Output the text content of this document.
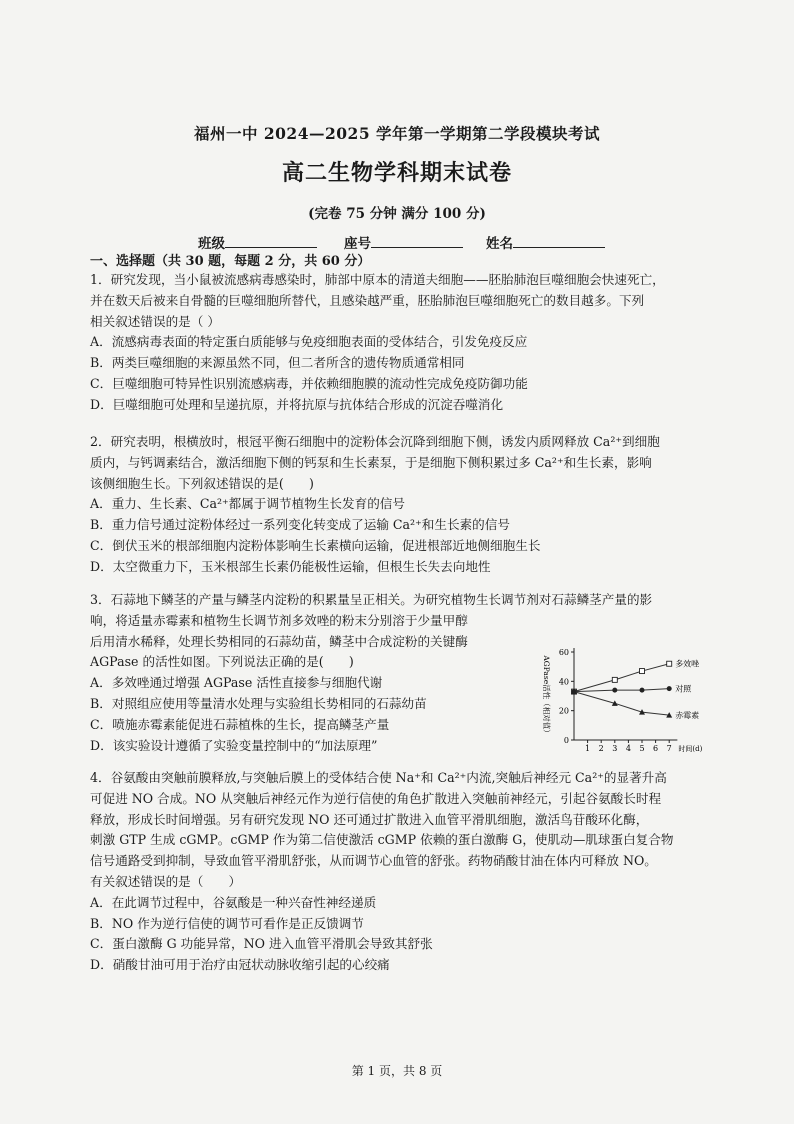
福州一中 2024—2025 学年第一学期第二学段模块考试
高二生物学科期末试卷
(完卷 75 分钟 满分 100 分)
班级	座号	姓名
一、选择题（共 30 题，每题 2 分，共 60 分）
1．研究发现，当小鼠被流感病毒感染时，肺部中原本的清道夫细胞——胚胎肺泡巨噬细胞会快速死亡，
并在数天后被来自骨髓的巨噬细胞所替代，且感染越严重，胚胎肺泡巨噬细胞死亡的数目越多。下列
相关叙述错误的是（ ）
A．流感病毒表面的特定蛋白质能够与免疫细胞表面的受体结合，引发免疫反应
B．两类巨噬细胞的来源虽然不同，但二者所含的遗传物质通常相同
C．巨噬细胞可特异性识别流感病毒，并依赖细胞膜的流动性完成免疫防御功能
D．巨噬细胞可处理和呈递抗原，并将抗原与抗体结合形成的沉淀吞噬消化
2．研究表明，根横放时，根冠平衡石细胞中的淀粉体会沉降到细胞下侧，诱发内质网释放 Ca²⁺到细胞
质内，与钙调素结合，激活细胞下侧的钙泵和生长素泵，于是细胞下侧积累过多 Ca²⁺和生长素，影响
该侧细胞生长。下列叙述错误的是(　　)
A．重力、生长素、Ca²⁺都属于调节植物生长发育的信号
B．重力信号通过淀粉体经过一系列变化转变成了运输 Ca²⁺和生长素的信号
C．倒伏玉米的根部细胞内淀粉体影响生长素横向运输，促进根部近地侧细胞生长
D．太空微重力下，玉米根部生长素仍能极性运输，但根生长失去向地性
3．石蒜地下鳞茎的产量与鳞茎内淀粉的积累量呈正相关。为研究植物生长调节剂对石蒜鳞茎产量的影
响，将适量赤霉素和植物生长调节剂多效唑的粉末分别溶于少量甲醇
后用清水稀释，处理长势相同的石蒜幼苗，鳞茎中合成淀粉的关键酶
AGPase 的活性如图。下列说法正确的是(　　)
A．多效唑通过增强 AGPase 活性直接参与细胞代谢
B．对照组应使用等量清水处理与实验组长势相同的石蒜幼苗
C．喷施赤霉素能促进石蒜植株的生长，提高鳞茎产量
D．该实验设计遵循了实验变量控制中的“加法原理”	0
20
40
60
1 2 3 4 5 6 7 时间(d)
AGPase活性（相对值）	多效唑
对照
赤霉素
4．谷氨酸由突触前膜释放,与突触后膜上的受体结合使 Na⁺和 Ca²⁺内流,突触后神经元 Ca²⁺的显著升高
可促进 NO 合成。NO 从突触后神经元作为逆行信使的角色扩散进入突触前神经元，引起谷氨酸长时程
释放，形成长时间增强。另有研究发现 NO 还可通过扩散进入血管平滑肌细胞，激活鸟苷酸环化酶，
刺激 GTP 生成 cGMP。cGMP 作为第二信使激活 cGMP 依赖的蛋白激酶 G，使肌动—肌球蛋白复合物
信号通路受到抑制，导致血管平滑肌舒张，从而调节心血管的舒张。药物硝酸甘油在体内可释放 NO。
有关叙述错误的是（　　）
A．在此调节过程中，谷氨酸是一种兴奋性神经递质
B．NO 作为逆行信使的调节可看作是正反馈调节
C．蛋白激酶 G 功能异常，NO 进入血管平滑肌会导致其舒张
D．硝酸甘油可用于治疗由冠状动脉收缩引起的心绞痛
第 1 页，共 8 页
